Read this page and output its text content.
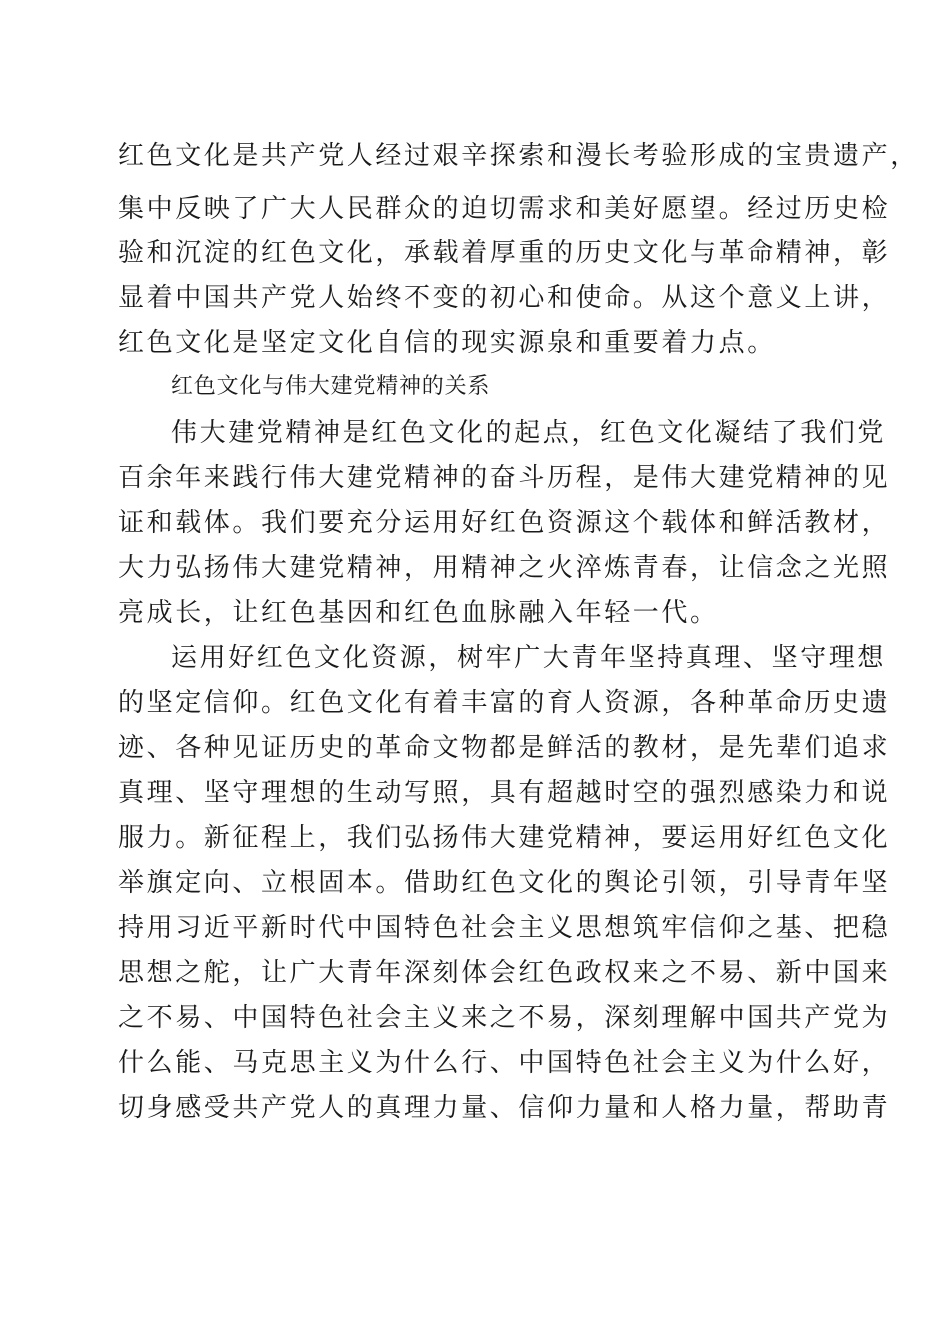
红色文化是共产党人经过艰辛探索和漫长考验形成的宝贵遗产，
集中反映了广大人民群众的迫切需求和美好愿望。经过历史检
验和沉淀的红色文化，承载着厚重的历史文化与革命精神，彰
显着中国共产党人始终不变的初心和使命。从这个意义上讲，
红色文化是坚定文化自信的现实源泉和重要着力点。
红色文化与伟大建党精神的关系
伟大建党精神是红色文化的起点，红色文化凝结了我们党
百余年来践行伟大建党精神的奋斗历程，是伟大建党精神的见
证和载体。我们要充分运用好红色资源这个载体和鲜活教材，
大力弘扬伟大建党精神，用精神之火淬炼青春，让信念之光照
亮成长，让红色基因和红色血脉融入年轻一代。
运用好红色文化资源，树牢广大青年坚持真理、坚守理想
的坚定信仰。红色文化有着丰富的育人资源，各种革命历史遗
迹、各种见证历史的革命文物都是鲜活的教材，是先辈们追求
真理、坚守理想的生动写照，具有超越时空的强烈感染力和说
服力。新征程上，我们弘扬伟大建党精神，要运用好红色文化
举旗定向、立根固本。借助红色文化的舆论引领，引导青年坚
持用习近平新时代中国特色社会主义思想筑牢信仰之基、把稳
思想之舵，让广大青年深刻体会红色政权来之不易、新中国来
之不易、中国特色社会主义来之不易，深刻理解中国共产党为
什么能、马克思主义为什么行、中国特色社会主义为什么好，
切身感受共产党人的真理力量、信仰力量和人格力量，帮助青
